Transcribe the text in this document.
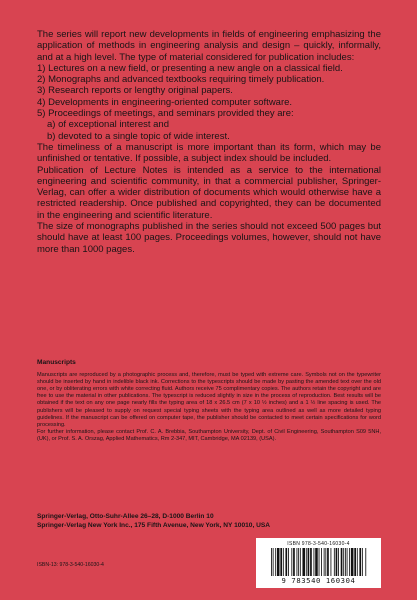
The series will report new developments in fields of engineering emphasizing the application of methods in engineering analysis and design – quickly, informally, and at a high level. The type of material considered for publication includes:

1) Lectures on a new field, or presenting a new angle on a classical field.

2) Monographs and advanced textbooks requiring timely publication.

3) Research reports or lengthy original papers.

4) Developments in engineering-oriented computer software.

5) Proceedings of meetings, and seminars provided they are:

a) of exceptional interest and

b) devoted to a single topic of wide interest.

The timeliness of a manuscript is more important than its form, which may be unfinished or tentative. If possible, a subject index should be included.

Publication of Lecture Notes is intended as a service to the international engineering and scientific community, in that a commercial publisher, Springer-Verlag, can offer a wider distribution of documents which would otherwise have a restricted readership. Once published and copyrighted, they can be documented in the engineering and scientific literature.

The size of monographs published in the series should not exceed 500 pages but should have at least 100 pages. Proceedings volumes, however, should not have more than 1000 pages.

Manuscripts

Manuscripts are reproduced by a photographic process and, therefore, must be typed with extreme care. Symbols not on the typewriter should be inserted by hand in indelible black ink. Corrections to the typescripts should be made by pasting the amended text over the old one, or by obliterating errors with white correcting fluid. Authors receive 75 complimentary copies. The authors retain the copyright and are free to use the material in other publications. The typescript is reduced slightly in size in the process of reproduction. Best results will be obtained if the text on any one page nearly fills the typing area of 18 x 26.5 cm (7 x 10 ½ inches) and a 1 ½ line spacing is used. The publishers will be pleased to supply on request special typing sheets with the typing area outlined as well as more detailed typing guidelines. If the manuscript can be offered on computer tape, the publisher should be contacted to meet certain specifications for word processing.

For further information, please contact Prof. C. A. Brebbia, Southampton University, Dept. of Civil Engineering, Southampton S09 5NH, (UK), or Prof. S. A. Orszag, Applied Mathematics, Rm 2-347, MIT, Cambridge, MA 02139, (USA).

Springer-Verlag, Otto-Suhr-Allee 26–28, D-1000 Berlin 10

Springer-Verlag New York Inc., 175 Fifth Avenue, New York, NY 10010, USA

ISBN 978-3-540-16030-4
9 783540 160304
ISBN-13: 978-3-540-16030-4
